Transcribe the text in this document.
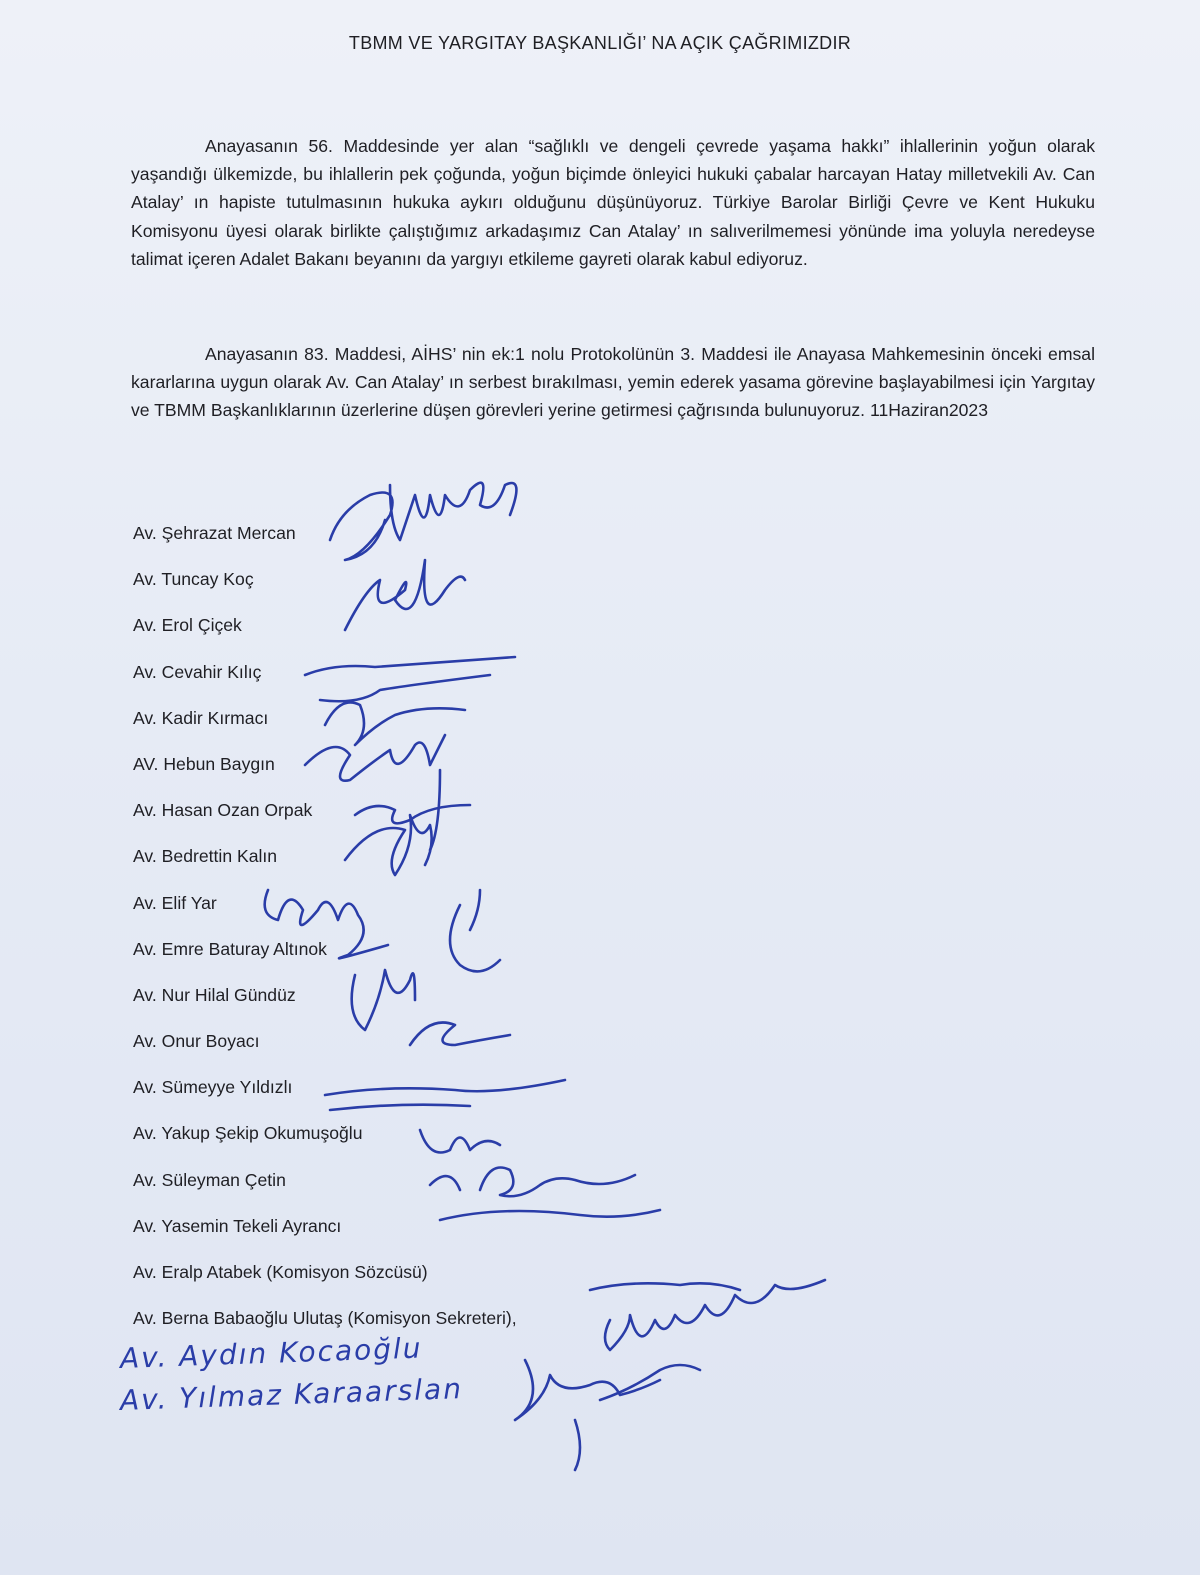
TBMM VE YARGITAY BAŞKANLIĞI’ NA AÇIK ÇAĞRIMIZDIR

Anayasanın 56. Maddesinde yer alan “sağlıklı ve dengeli çevrede yaşama hakkı” ihlallerinin yoğun olarak yaşandığı ülkemizde, bu ihlallerin pek çoğunda, yoğun biçimde önleyici hukuki çabalar harcayan Hatay milletvekili Av. Can Atalay’ ın hapiste tutulmasının hukuka aykırı olduğunu düşünüyoruz. Türkiye Barolar Birliği Çevre ve Kent Hukuku Komisyonu üyesi olarak birlikte çalıştığımız arkadaşımız Can Atalay’ ın salıverilmemesi yönünde ima yoluyla neredeyse talimat içeren Adalet Bakanı beyanını da yargıyı etkileme gayreti olarak kabul ediyoruz.

Anayasanın 83. Maddesi, AİHS’ nin ek:1 nolu Protokolünün 3. Maddesi ile Anayasa Mahkemesinin önceki emsal kararlarına uygun olarak Av. Can Atalay’ ın serbest bırakılması, yemin ederek yasama görevine başlayabilmesi için Yargıtay ve TBMM Başkanlıklarının üzerlerine düşen görevleri yerine getirmesi çağrısında bulunuyoruz. 11Haziran2023

Av. Şehrazat Mercan
Av. Tuncay Koç
Av. Erol Çiçek
Av. Cevahir Kılıç
Av. Kadir Kırmacı
AV. Hebun Baygın
Av. Hasan Ozan Orpak
Av. Bedrettin Kalın
Av. Elif Yar
Av. Emre Baturay Altınok
Av. Nur Hilal Gündüz
Av. Onur Boyacı
Av. Sümeyye Yıldızlı
Av. Yakup Şekip Okumuşoğlu
Av. Süleyman Çetin
Av. Yasemin Tekeli Ayrancı
Av. Eralp Atabek (Komisyon Sözcüsü)
Av. Berna Babaoğlu Ulutaş (Komisyon Sekreteri),
Av. Aydın Kocaoğlu
Av. Yılmaz Karaarslan
